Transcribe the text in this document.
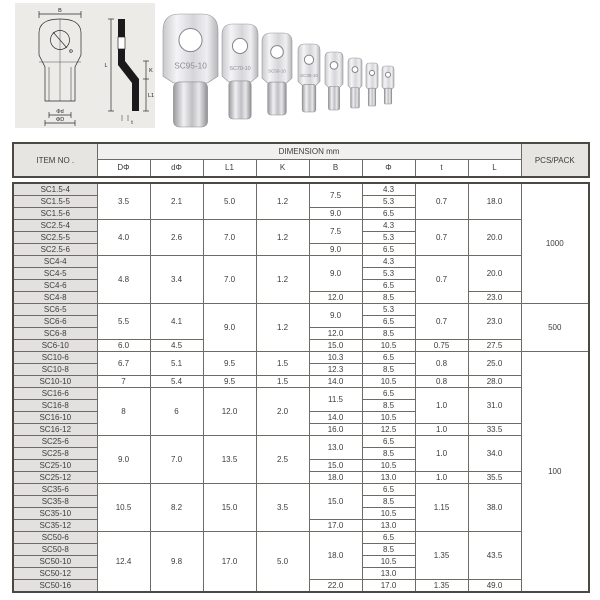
B
Φ
L
K
L1
t
Φd
ΦD
SC35-10
SC50-10
SC70-10
SC95-10
ITEM NO .	DIMENSION mm								PCS/PACK
	DΦ	dΦ	L1	K	B	Φ	t	L	
SC1.5-4	3.5	2.1	5.0	1.2	7.5	4.3	0.7	18.0	1000
SC1.5-5						5.3			
SC1.5-6					9.0	6.5			
SC2.5-4	4.0	2.6	7.0	1.2	7.5	4.3	0.7	20.0	
SC2.5-5						5.3			
SC2.5-6					9.0	6.5			
SC4-4	4.8	3.4	7.0	1.2	9.0	4.3	0.7	20.0	
SC4-5						5.3			
SC4-6						6.5			
SC4-8					12.0	8.5		23.0	
SC6-5	5.5	4.1	9.0	1.2	9.0	5.3	0.7	23.0	500
SC6-6						6.5			
SC6-8					12.0	8.5			
SC6-10	6.0	4.5			15.0	10.5	0.75	27.5	
SC10-6	6.7	5.1	9.5	1.5	10.3	6.5	0.8	25.0	100
SC10-8					12.3	8.5			
SC10-10	7	5.4	9.5	1.5	14.0	10.5	0.8	28.0	
SC16-6	8	6	12.0	2.0	11.5	6.5	1.0	31.0	
SC16-8						8.5			
SC16-10					14.0	10.5			
SC16-12					16.0	12.5	1.0	33.5	
SC25-6	9.0	7.0	13.5	2.5	13.0	6.5	1.0	34.0	
SC25-8						8.5			
SC25-10					15.0	10.5			
SC25-12					18.0	13.0	1.0	35.5	
SC35-6	10.5	8.2	15.0	3.5	15.0	6.5	1.15	38.0	
SC35-8						8.5			
SC35-10						10.5			
SC35-12					17.0	13.0			
SC50-6	12.4	9.8	17.0	5.0	18.0	6.5	1.35	43.5	
SC50-8						8.5			
SC50-10						10.5			
SC50-12						13.0			
SC50-16					22.0	17.0	1.35	49.0	
